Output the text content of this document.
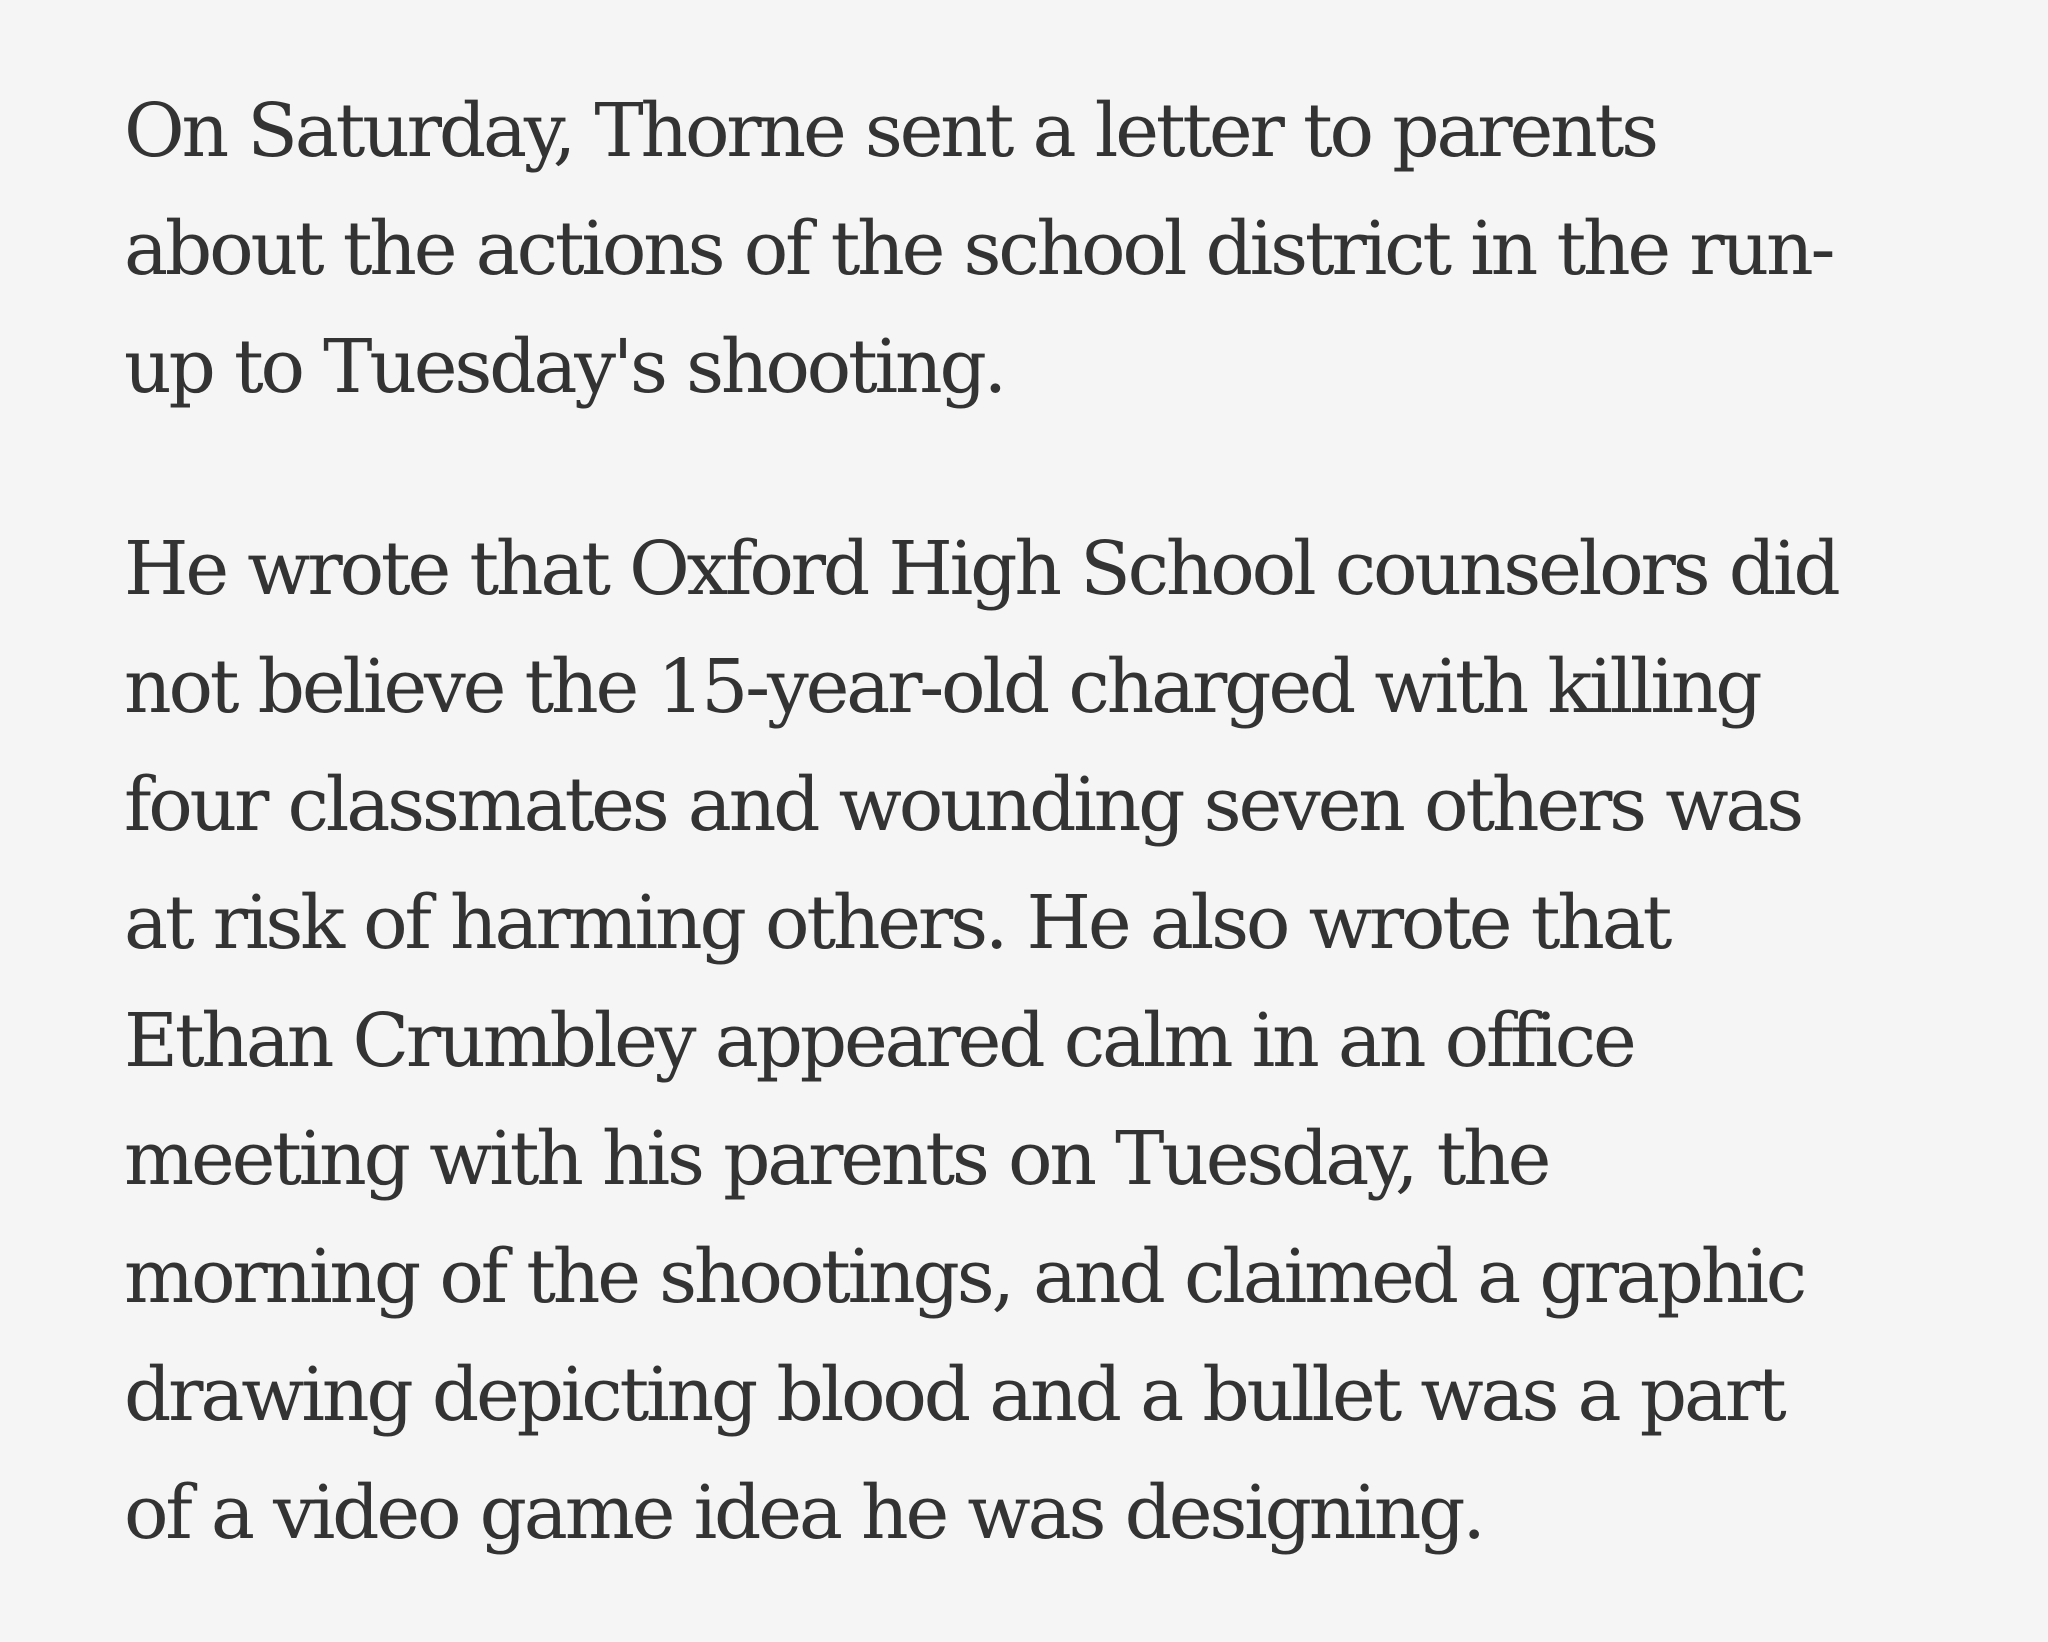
On Saturday, Thorne sent a letter to parents
about the actions of the school district in the run-
up to Tuesday's shooting.

He wrote that Oxford High School counselors did
not believe the 15-year-old charged with killing
four classmates and wounding seven others was
at risk of harming others. He also wrote that
Ethan Crumbley appeared calm in an office
meeting with his parents on Tuesday, the
morning of the shootings, and claimed a graphic
drawing depicting blood and a bullet was a part
of a video game idea he was designing.
